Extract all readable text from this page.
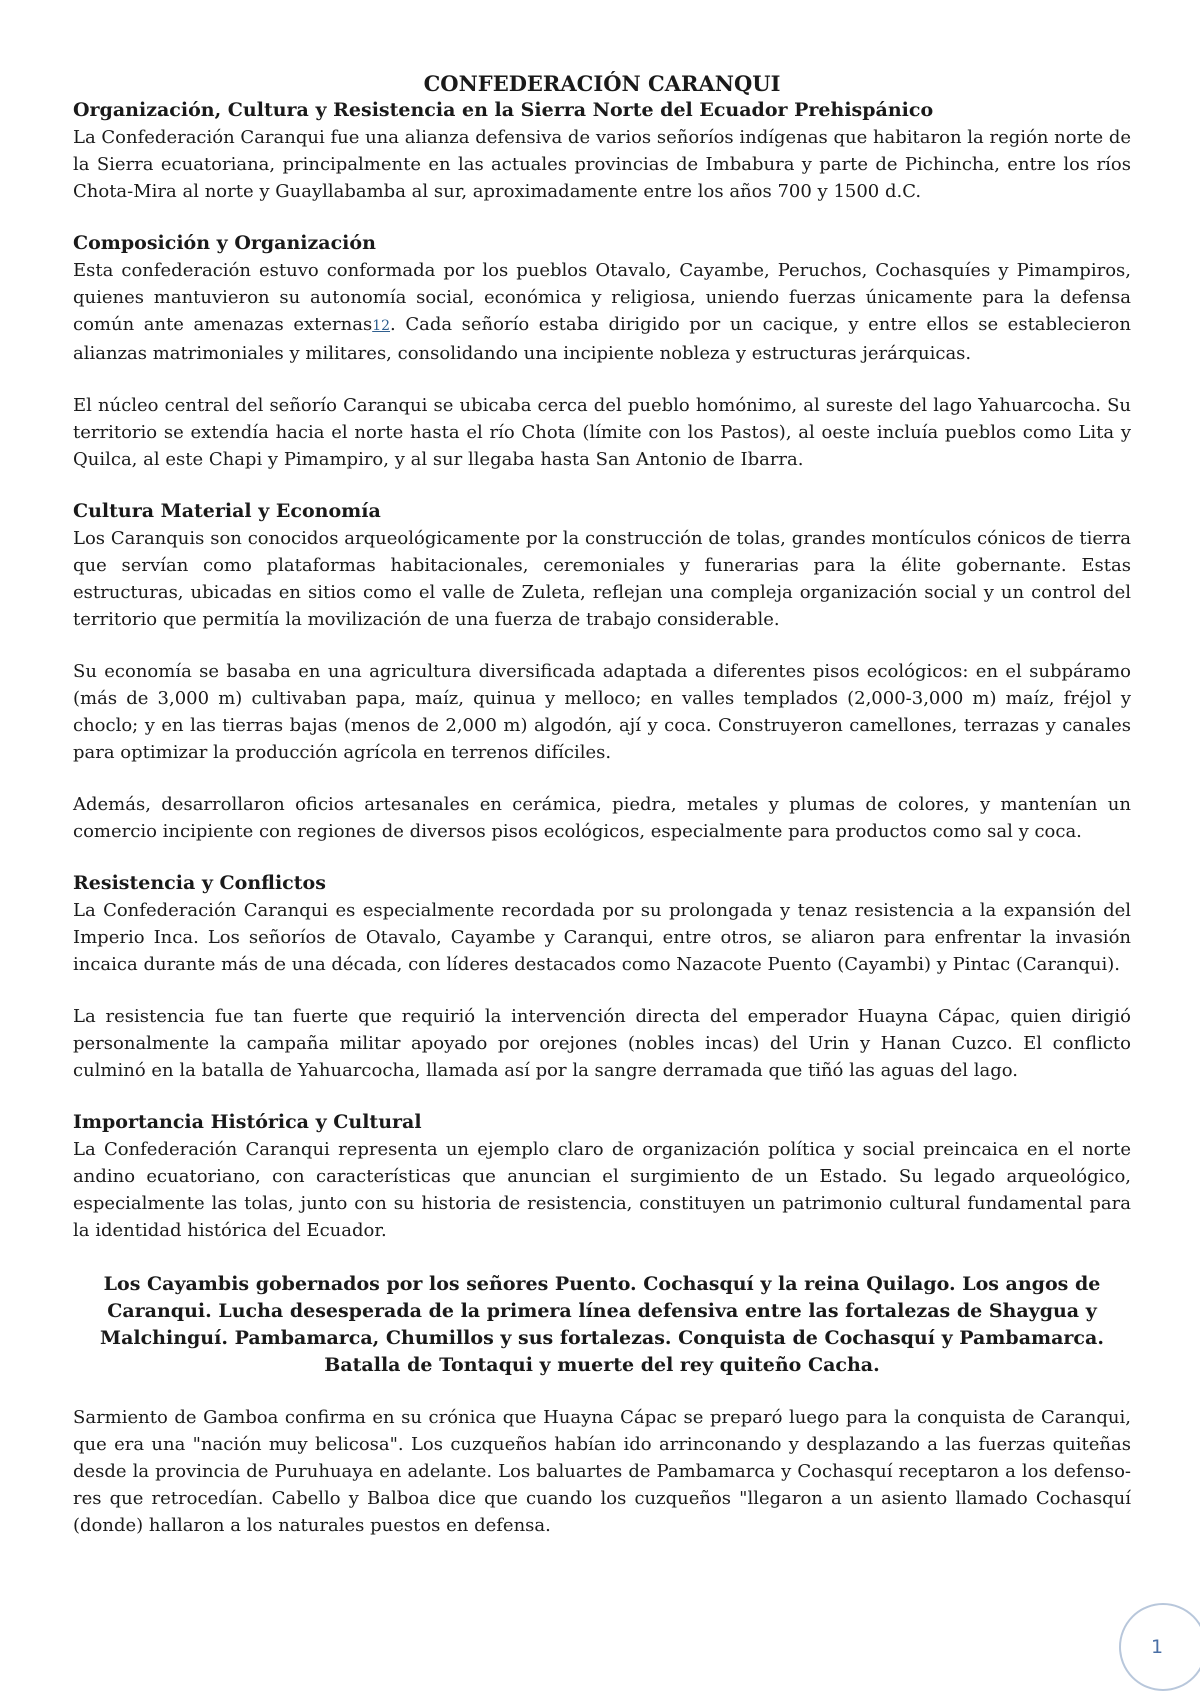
CONFEDERACIÓN CARANQUI
Organización, Cultura y Resistencia en la Sierra Norte del Ecuador Prehispánico

La Confederación Caranqui fue una alianza defensiva de varios señoríos indígenas que habitaron la región norte de la Sierra ecuatoriana, principalmente en las actuales provincias de Imbabura y parte de Pichincha, entre los ríos Chota-Mira al norte y Guayllabamba al sur, aproximadamente entre los años 700 y 1500 d.C.

Composición y Organización

Esta confederación estuvo conformada por los pueblos Otavalo, Cayambe, Peruchos, Cochasquíes y Pimampiros, quienes mantuvieron su autonomía social, económica y religiosa, uniendo fuerzas únicamente para la defensa común ante amenazas externas12. Cada señorío estaba dirigido por un cacique, y entre ellos se establecieron alianzas matrimoniales y militares, consolidando una incipiente nobleza y estructuras jerárquicas.

El núcleo central del señorío Caranqui se ubicaba cerca del pueblo homónimo, al sureste del lago Yahuarcocha. Su territorio se extendía hacia el norte hasta el río Chota (límite con los Pastos), al oeste incluía pueblos como Lita y Quilca, al este Chapi y Pimampiro, y al sur llegaba hasta San Antonio de Ibarra.

Cultura Material y Economía

Los Caranquis son conocidos arqueológicamente por la construcción de tolas, grandes montículos cónicos de tierra que servían como plataformas habitacionales, ceremoniales y funerarias para la élite gobernante. Estas estructuras, ubicadas en sitios como el valle de Zuleta, reflejan una compleja organización social y un control del territorio que permitía la movilización de una fuerza de trabajo considerable.

Su economía se basaba en una agricultura diversificada adaptada a diferentes pisos ecológicos: en el subpáramo (más de 3,000 m) cultivaban papa, maíz, quinua y melloco; en valles templados (2,000-3,000 m) maíz, fréjol y choclo; y en las tierras bajas (menos de 2,000 m) algodón, ají y coca. Construyeron camellones, terrazas y canales para optimizar la producción agrícola en terrenos difíciles.

Además, desarrollaron oficios artesanales en cerámica, piedra, metales y plumas de colores, y mantenían un comercio incipiente con regiones de diversos pisos ecológicos, especialmente para productos como sal y coca.

Resistencia y Conflictos

La Confederación Caranqui es especialmente recordada por su prolongada y tenaz resistencia a la expansión del Imperio Inca. Los señoríos de Otavalo, Cayambe y Caranqui, entre otros, se aliaron para enfrentar la invasión incaica durante más de una década, con líderes destacados como Nazacote Puento (Cayambi) y Pintac (Caranqui).

La resistencia fue tan fuerte que requirió la intervención directa del emperador Huayna Cápac, quien dirigió personalmente la campaña militar apoyado por orejones (nobles incas) del Urin y Hanan Cuzco. El conflicto culminó en la batalla de Yahuarcocha, llamada así por la sangre derramada que tiñó las aguas del lago.

Importancia Histórica y Cultural

La Confederación Caranqui representa un ejemplo claro de organización política y social preincaica en el norte andino ecuatoriano, con características que anuncian el surgimiento de un Estado. Su legado arqueológico, especialmente las tolas, junto con su historia de resistencia, constituyen un patrimonio cultural fundamental para la identidad histórica del Ecuador.

Los Cayambis gobernados por los señores Puento. Cochasquí y la reina Quilago. Los angos de
Caranqui. Lucha desesperada de la primera línea defensiva entre las fortalezas de Shaygua y
Malchinguí. Pambamarca, Chumillos y sus fortalezas. Conquista de Cochasquí y Pambamarca.
Batalla de Tontaqui y muerte del rey quiteño Cacha.

Sarmiento de Gamboa confirma en su crónica que Huayna Cápac se preparó luego para la conquista de Caranqui, que era una "nación muy belicosa". Los cuzqueños habían ido arrinconando y desplazando a las fuerzas quiteñas desde la provincia de Puruhuaya en adelante. Los baluartes de Pambamarca y Cochasquí receptaron a los defenso- res que retrocedían. Cabello y Balboa dice que cuando los cuzqueños "llegaron a un asiento llamado Cochasquí (donde) hallaron a los naturales puestos en defensa.

1
